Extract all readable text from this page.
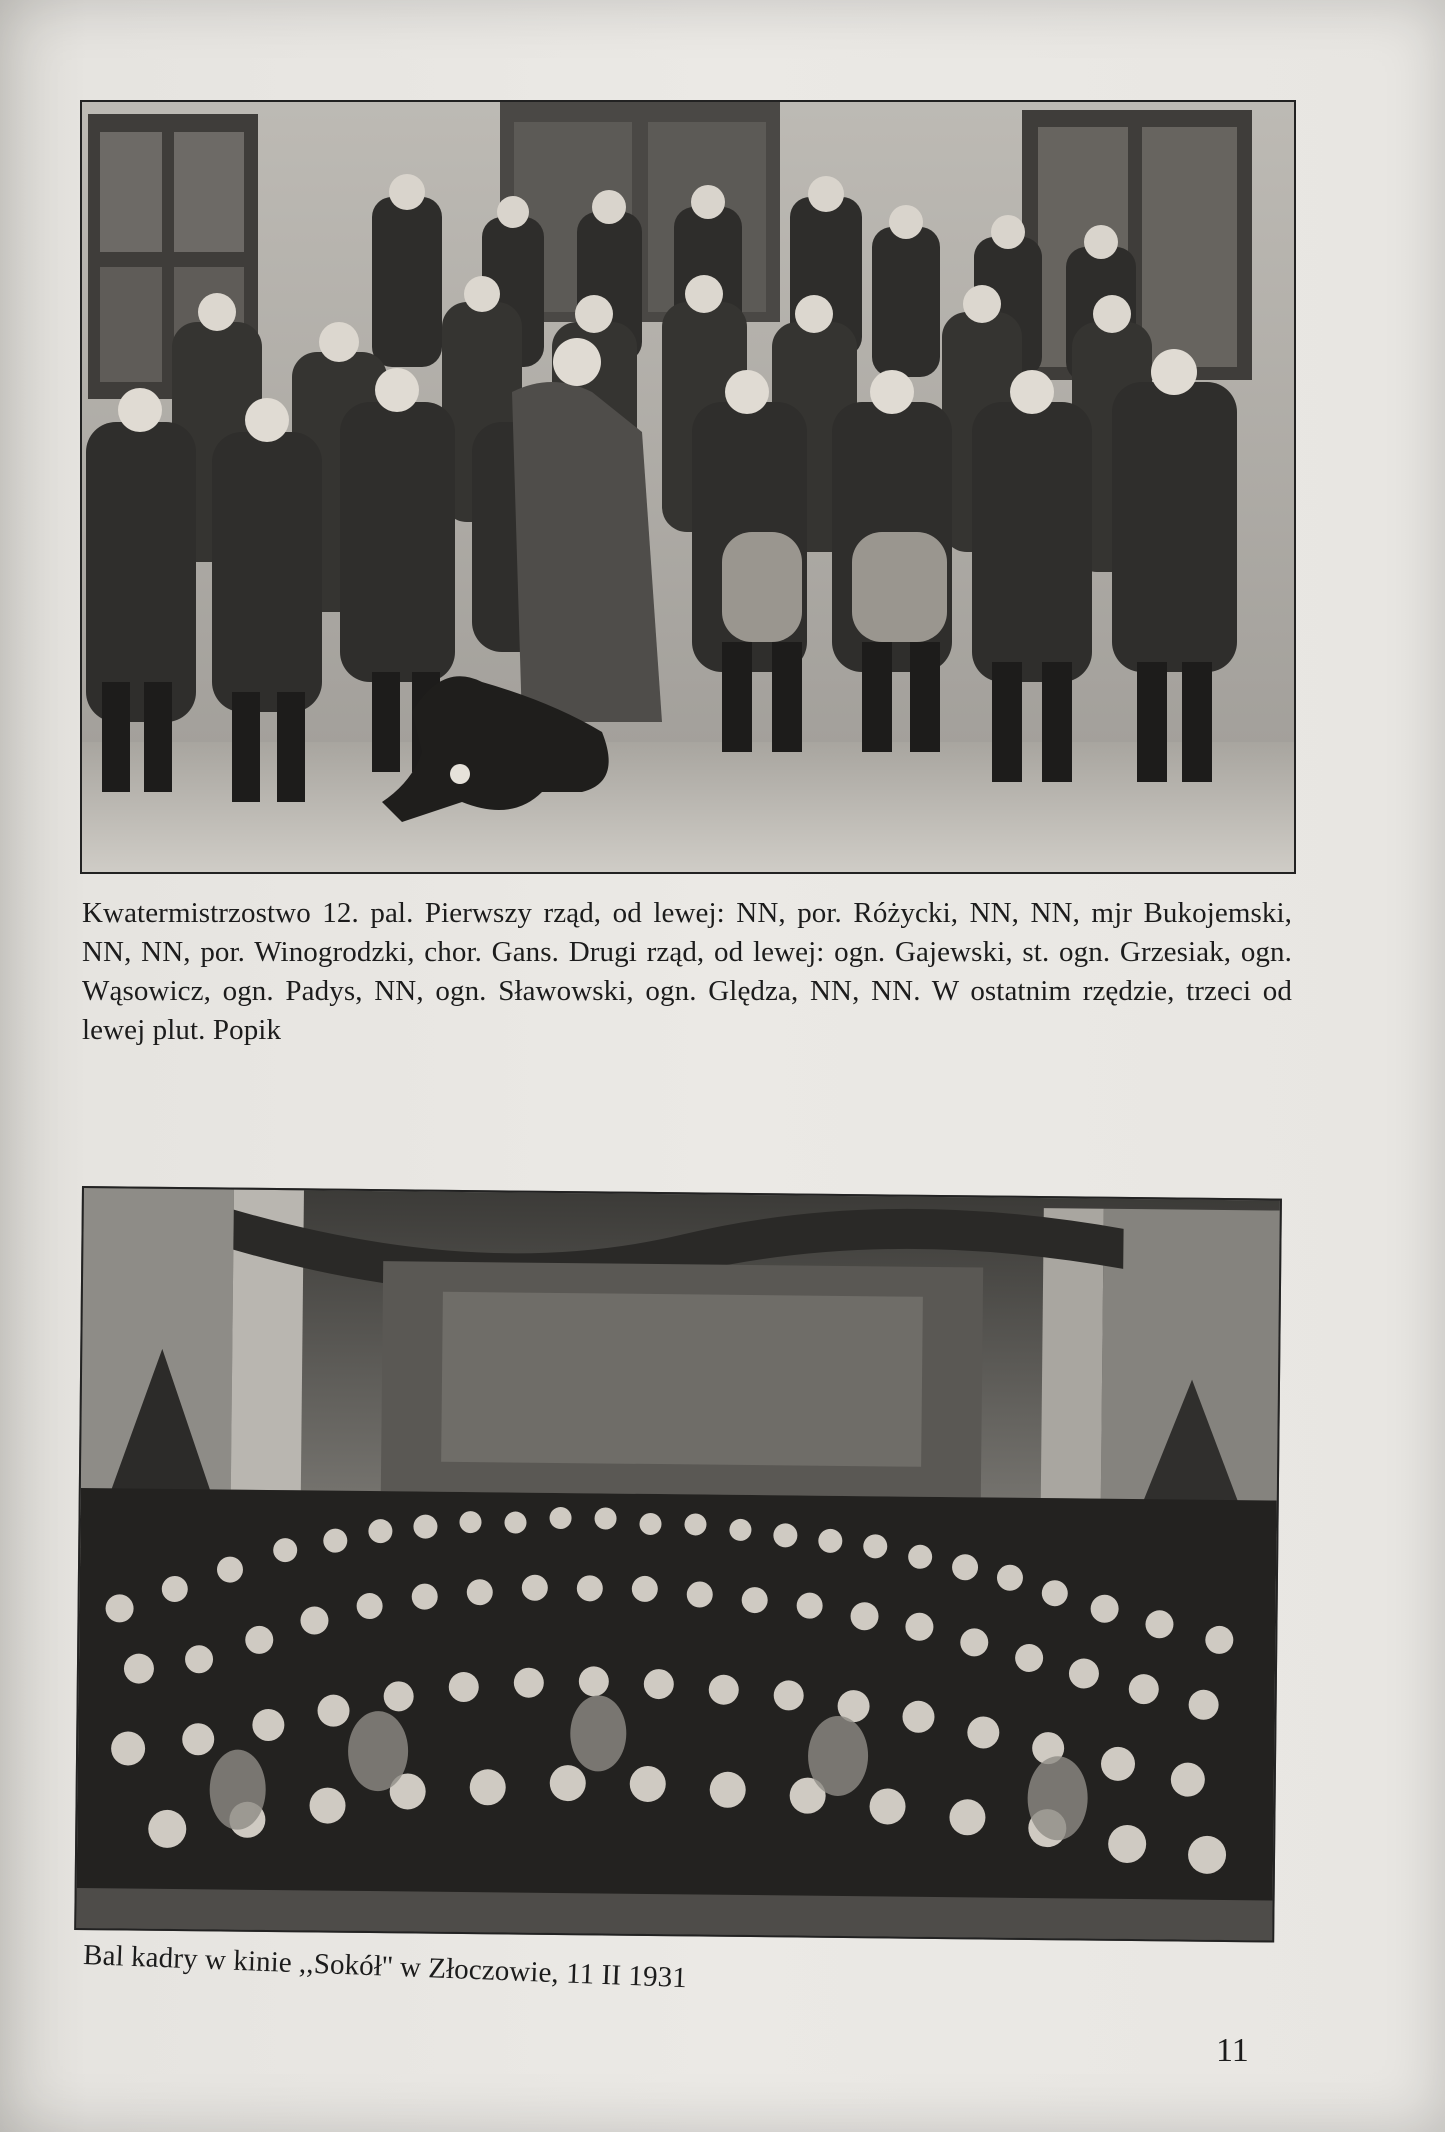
Kwatermistrzostwo 12. pal. Pierwszy rząd, od lewej: NN, por. Różycki, NN, NN, mjr Bukojemski, NN, NN, por. Winogrodzki, chor. Gans. Drugi rząd, od lewej: ogn. Gajewski, st. ogn. Grzesiak, ogn. Wąsowicz, ogn. Padys, NN, ogn. Sławowski, ogn. Ględza, NN, NN. W ostatnim rzędzie, trzeci od lewej plut. Popik
Bal kadry w kinie ,,Sokół'' w Złoczowie, 11 II 1931
11
